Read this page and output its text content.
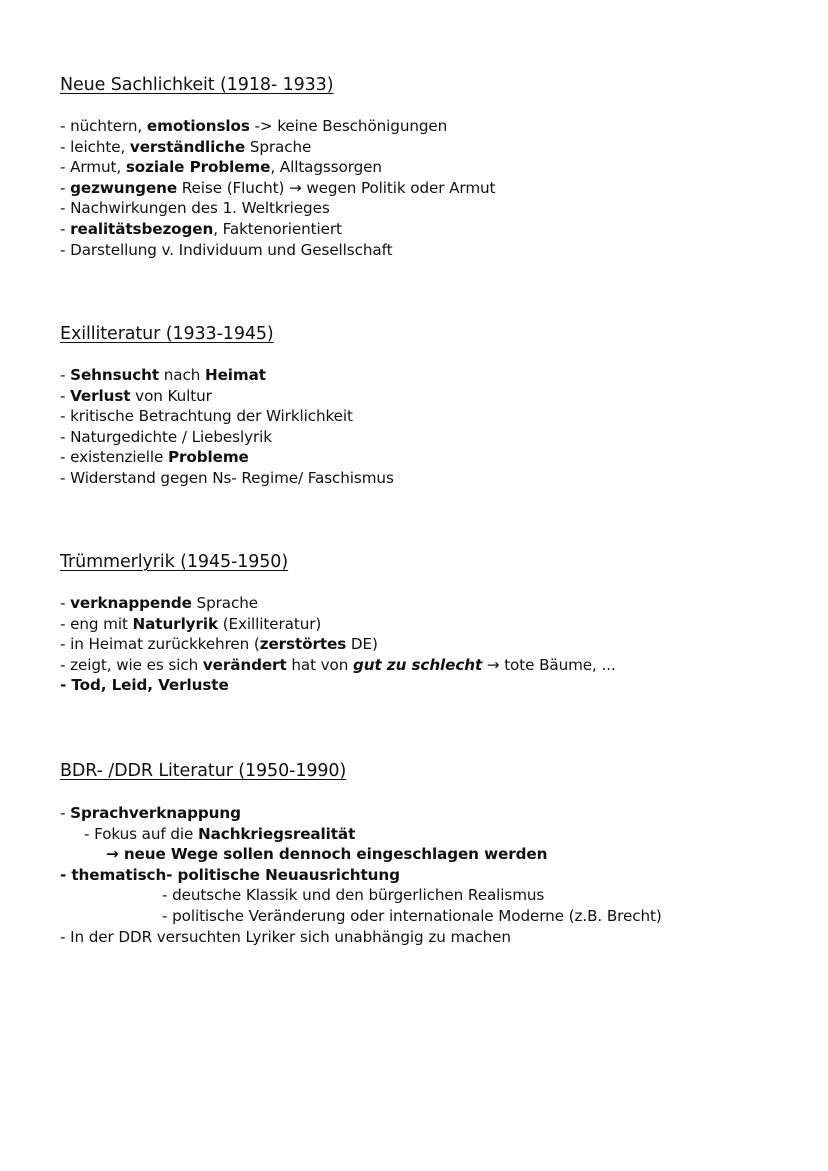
Neue Sachlichkeit (1918- 1933)
- nüchtern, emotionslos -> keine Beschönigungen
- leichte, verständliche Sprache
- Armut, soziale Probleme, Alltagssorgen
- gezwungene Reise (Flucht) → wegen Politik oder Armut
- Nachwirkungen des 1. Weltkrieges
- realitätsbezogen, Faktenorientiert
- Darstellung v. Individuum und Gesellschaft
Exilliteratur (1933-1945)
- Sehnsucht nach Heimat
- Verlust von Kultur
- kritische Betrachtung der Wirklichkeit
- Naturgedichte / Liebeslyrik
- existenzielle Probleme
- Widerstand gegen Ns- Regime/ Faschismus
Trümmerlyrik (1945-1950)
- verknappende Sprache
- eng mit Naturlyrik (Exilliteratur)
- in Heimat zurückkehren (zerstörtes DE)
- zeigt, wie es sich verändert hat von gut zu schlecht → tote Bäume, ...
- Tod, Leid, Verluste
BDR- /DDR Literatur (1950-1990)
- Sprachverknappung
- Fokus auf die Nachkriegsrealität
→ neue Wege sollen dennoch eingeschlagen werden
- thematisch- politische Neuausrichtung
- deutsche Klassik und den bürgerlichen Realismus
- politische Veränderung oder internationale Moderne (z.B. Brecht)
- In der DDR versuchten Lyriker sich unabhängig zu machen
